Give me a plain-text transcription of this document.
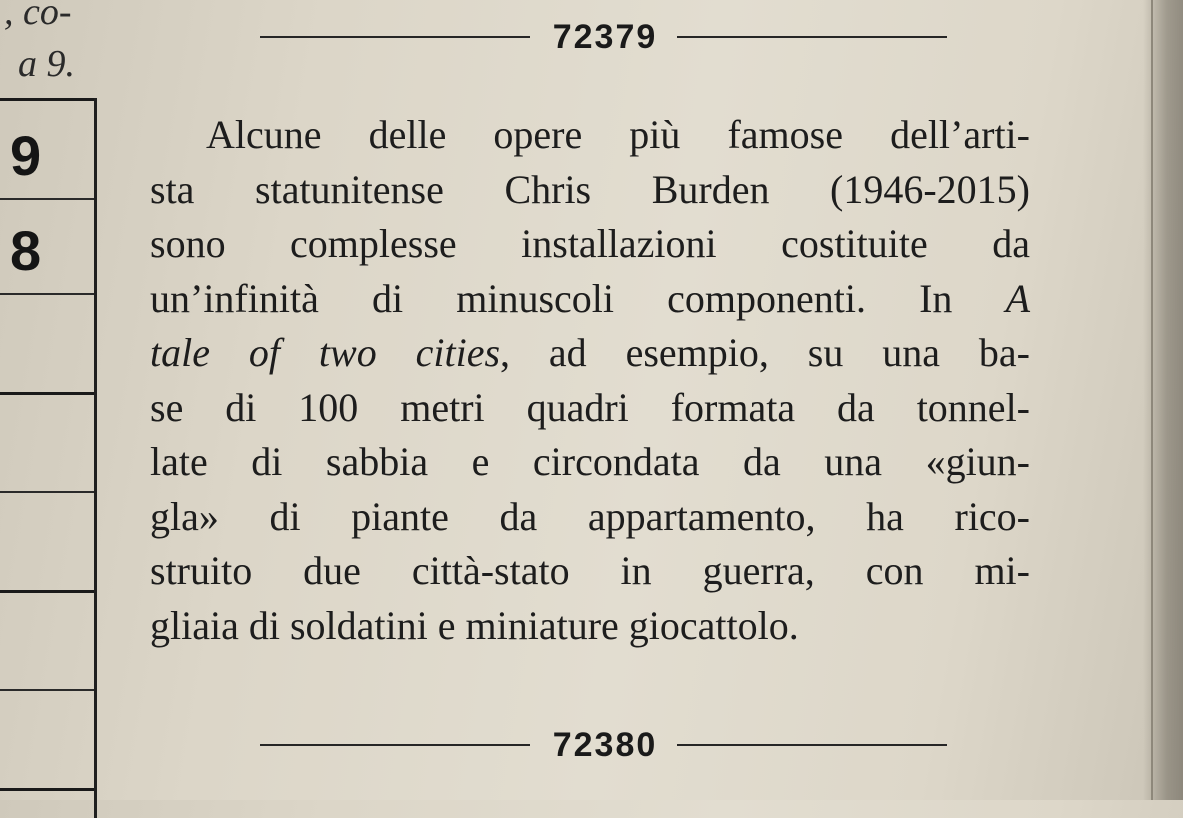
, co-
a 9.
9
8
72379
Alcune delle opere più famose dell’arti-
sta statunitense Chris Burden (1946-2015)
sono complesse installazioni costituite da
un’infinità di minuscoli componenti. In A
tale of two cities, ad esempio, su una ba-
se di 100 metri quadri formata da tonnel-
late di sabbia e circondata da una «giun-
gla» di piante da appartamento, ha rico-
struito due città-stato in guerra, con mi-
gliaia di soldatini e miniature giocattolo.
72380
